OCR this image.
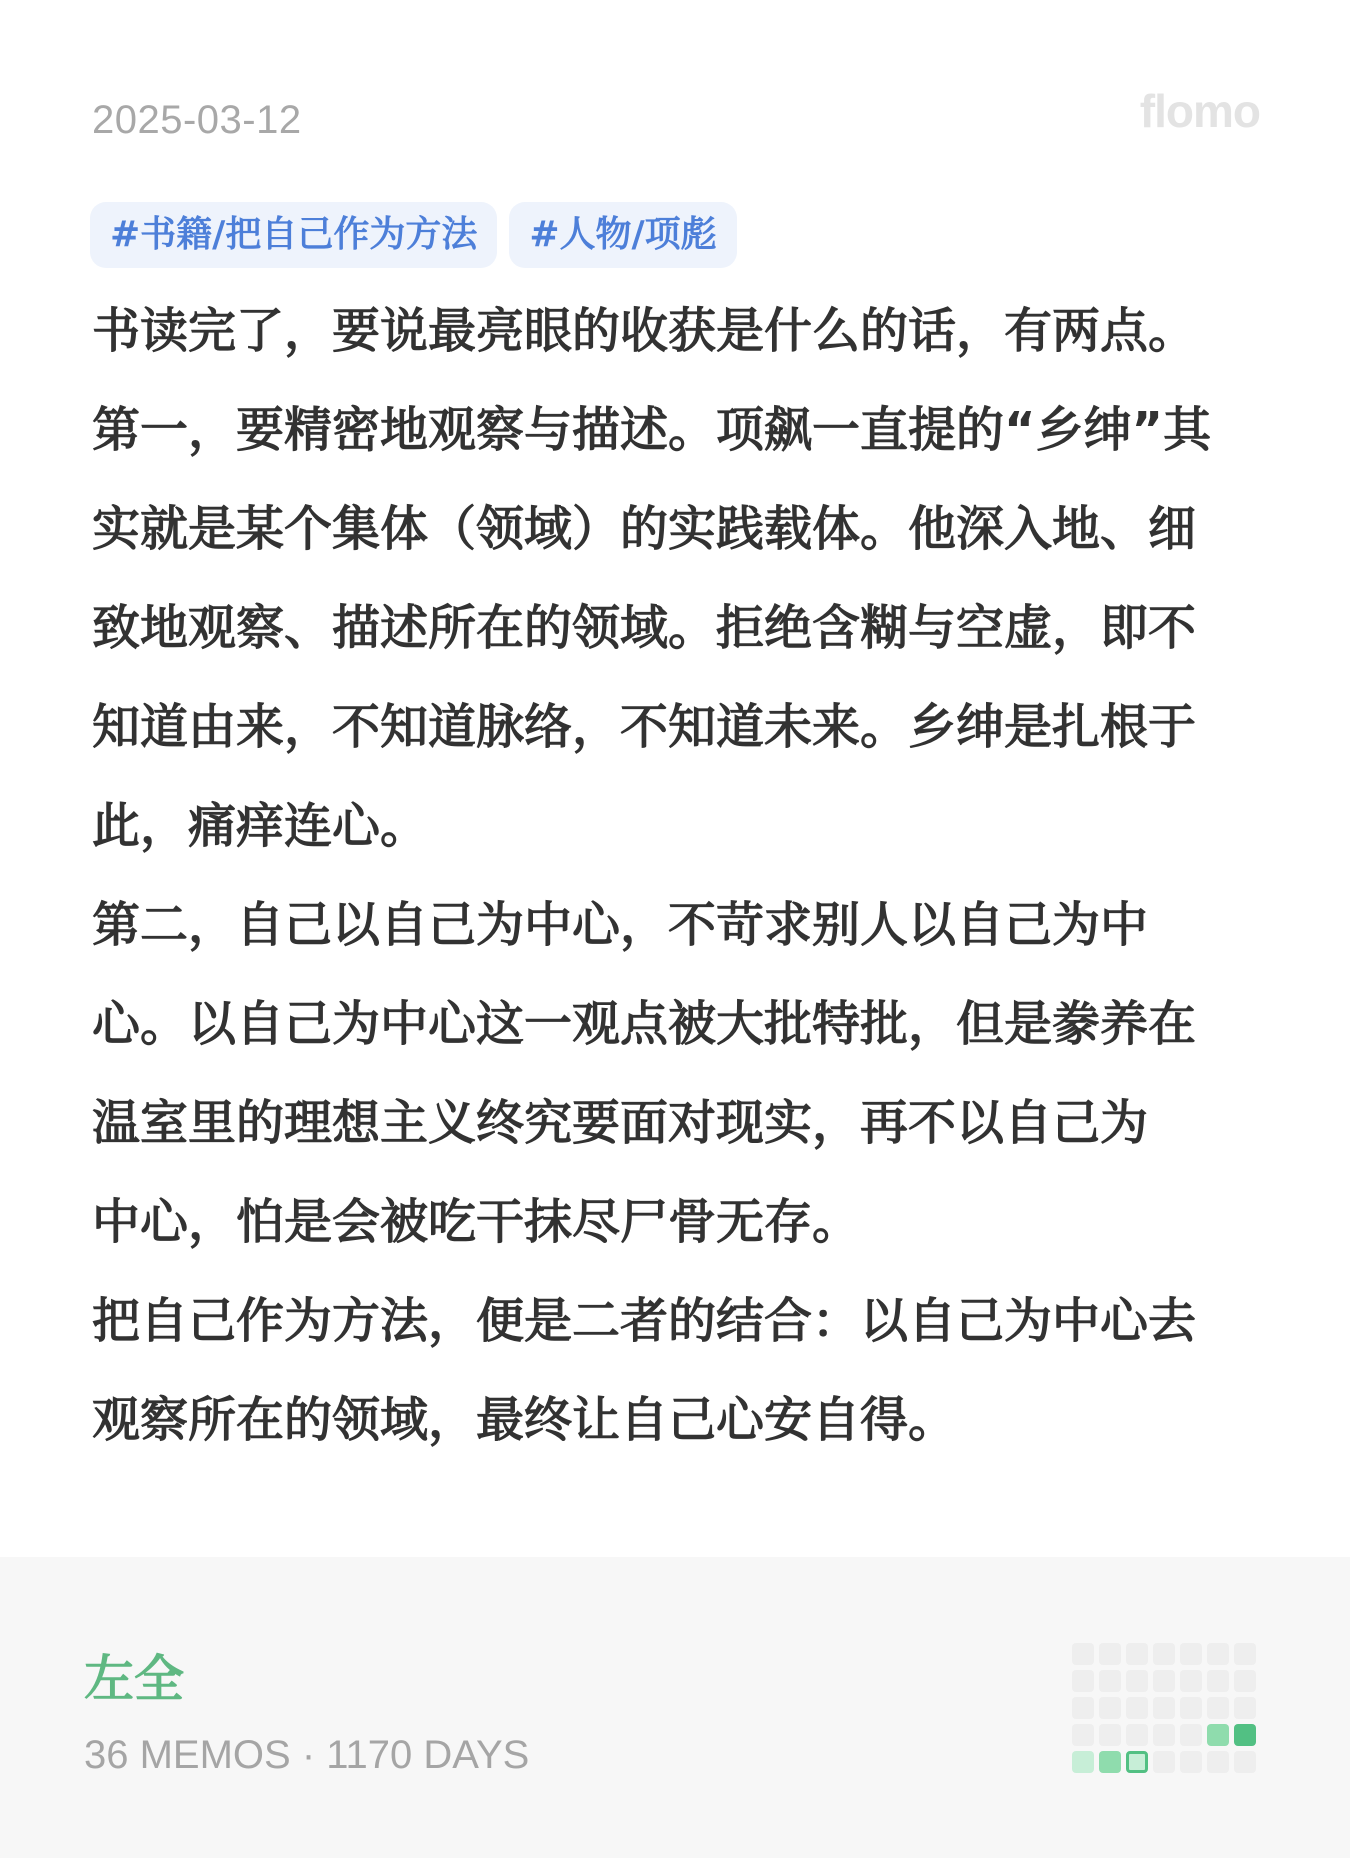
2025-03-12	flomo
#书籍/把自己作为方法	#人物/项彪

书读完了，要说最亮眼的收获是什么的话，有两点。
第一，要精密地观察与描述。项飙一直提的“乡绅”其
实就是某个集体（领域）的实践载体。他深入地、细
致地观察、描述所在的领域。拒绝含糊与空虚，即不
知道由来，不知道脉络，不知道未来。乡绅是扎根于
此，痛痒连心。

第二，自己以自己为中心，不苛求别人以自己为中
心。以自己为中心这一观点被大批特批，但是豢养在
温室里的理想主义终究要面对现实，再不以自己为
中心，怕是会被吃干抹尽尸骨无存。

把自己作为方法，便是二者的结合：以自己为中心去
观察所在的领域，最终让自己心安自得。

左全
36 MEMOS · 1170 DAYS
